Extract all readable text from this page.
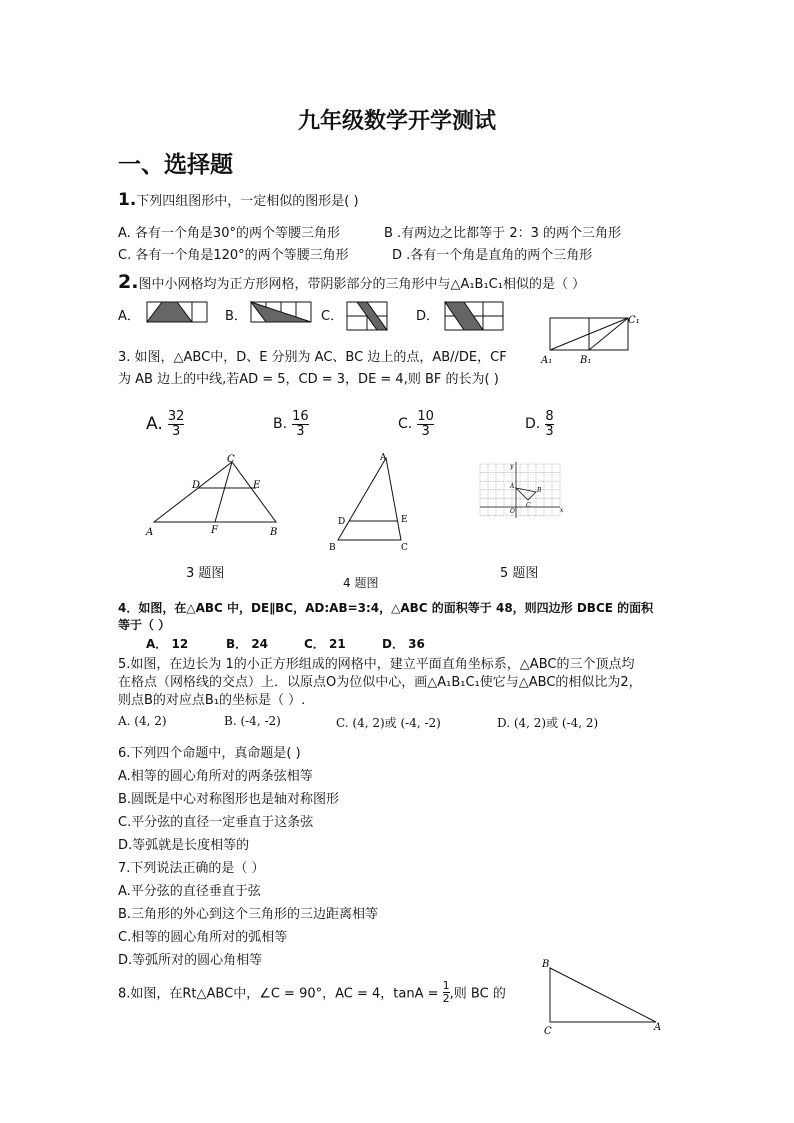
九年级数学开学测试
一、选择题
1.下列四组图形中，一定相似的图形是( )
A. 各有一个角是30°的两个等腰三角形	B .有两边之比都等于 2：3 的两个三角形
C. 各有一个角是120°的两个等腰三角形	D .各有一个角是直角的两个三角形
2.图中小网格均为正方形网格，带阴影部分的三角形中与△A₁B₁C₁相似的是（ ）
A．	B．	C．	D．	C₁
A₁	B₁
3. 如图，△ABC中，D、E 分别为 AC、BC 边上的点，AB//DE，CF
为 AB 边上的中线,若AD = 5，CD = 3，DE = 4,则 BF 的长为( )
A. $\frac{32}{3}$	B. $\frac{16}{3}$	C. $\frac{10}{3}$	D. $\frac{8}{3}$
C
D	E
A	F	B
A
D	E
B	C
y
x
O
A
B
C
3 题图
4 题图
5 题图
4．如图，在△ABC 中，DE∥BC，AD:AB=3:4，△ABC 的面积等于 48，则四边形 DBCE 的面积
等于（ ）
A． 12	B． 24	C． 21	D． 36
5.如图，在边长为 1的小正方形组成的网格中，建立平面直角坐标系，△ABC的三个顶点均
在格点（网格线的交点）上．以原点O为位似中心，画△A₁B₁C₁使它与△ABC的相似比为2，
则点B的对应点B₁的坐标是（ ）.
A. (4, 2)	B. (-4, -2)	C. (4, 2)或 (-4, -2)	D. (4, 2)或 (-4, 2)
6.下列四个命题中，真命题是( )
A.相等的圆心角所对的两条弦相等
B.圆既是中心对称图形也是轴对称图形
C.平分弦的直径一定垂直于这条弦
D.等弧就是长度相等的
7.下列说法正确的是（ ）
A.平分弦的直径垂直于弦
B.三角形的外心到这个三角形的三边距离相等
C.相等的圆心角所对的弧相等
D.等弧所对的圆心角相等
8.如图，在Rt△ABC中，∠C = 90°，AC = 4，$\tan A = \frac{1}{2}$ ,则 BC 的
B
C	A
